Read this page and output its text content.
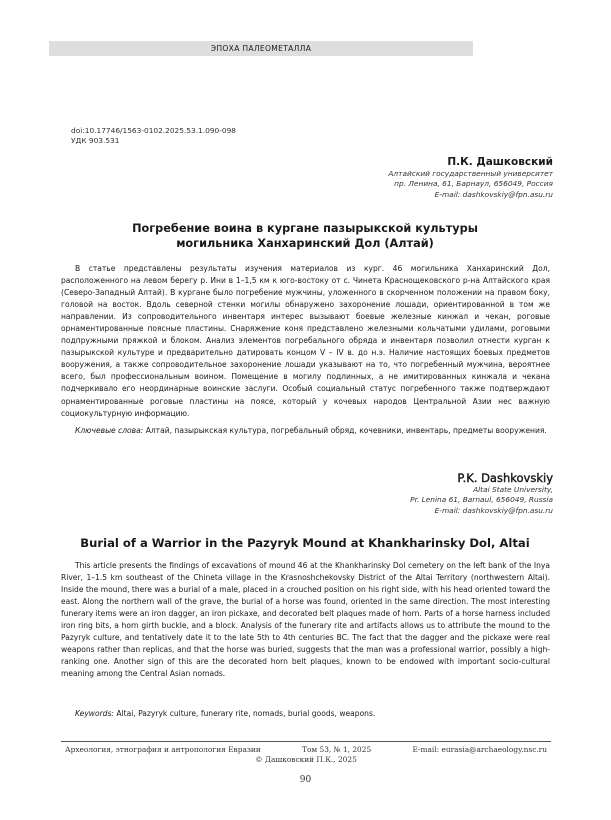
ЭПОХА ПАЛЕОМЕТАЛЛА
doi:10.17746/1563-0102.2025.53.1.090-098
УДК 903.531
П.К. Дашковский
Алтайский государственный университет
пр. Ленина, 61, Барнаул, 656049, Россия
E-mail: dashkovskiy@fpn.asu.ru
Погребение воина в кургане пазырыкской культуры
могильника Ханхаринский Дол (Алтай)

В статье представлены результаты изучения материалов из кург. 46 могильника Ханхаринский Дол, расположенного на левом берегу р. Ини в 1–1,5 км к юго-востоку от с. Чинета Краснощековского р-на Алтайского края (Северо-Западный Алтай). В кургане было погребение мужчины, уложенного в скорченном положении на правом боку, головой на восток. Вдоль северной стенки могилы обнаружено захоронение лошади, ориентированной в том же направлении. Из сопроводительного инвентаря интерес вызывают боевые железные кинжал и чекан, роговые орнаментированные поясные пластины. Снаряжение коня представлено железными кольчатыми удилами, роговыми подпружными пряжкой и блоком. Анализ элементов погребального обряда и инвентаря позволил отнести курган к пазырыкской культуре и предварительно датировать концом V – IV в. до н.э. Наличие настоящих боевых предметов вооружения, а также сопроводительное захоронение лошади указывают на то, что погребенный мужчина, вероятнее всего, был профессиональным воином. Помещение в могилу подлинных, а не имитированных кинжала и чекана подчеркивало его неординарные воинские заслуги. Особый социальный статус погребенного также подтверждают орнаментированные роговые пластины на поясе, который у кочевых народов Центральной Азии нес важную социокультурную информацию.

Ключевые слова: Алтай, пазырыкская культура, погребальный обряд, кочевники, инвентарь, предметы вооружения.

P.K. Dashkovskiy
Altai State University,
Pr. Lenina 61, Barnaul, 656049, Russia
E-mail: dashkovskiy@fpn.asu.ru
Burial of a Warrior in the Pazyryk Mound at Khankharinsky Dol, Altai

This article presents the findings of excavations of mound 46 at the Khankharinsky Dol cemetery on the left bank of the Inya River, 1–1.5 km southeast of the Chineta village in the Krasnoshchekovsky District of the Altai Territory (northwestern Altai). Inside the mound, there was a burial of a male, placed in a crouched position on his right side, with his head oriented toward the east. Along the northern wall of the grave, the burial of a horse was found, oriented in the same direction. The most interesting funerary items were an iron dagger, an iron pickaxe, and decorated belt plaques made of horn. Parts of a horse harness included iron ring bits, a horn girth buckle, and a block. Analysis of the funerary rite and artifacts allows us to attribute the mound to the Pazyryk culture, and tentatively date it to the late 5th to 4th centuries BC. The fact that the dagger and the pickaxe were real weapons rather than replicas, and that the horse was buried, suggests that the man was a professional warrior, possibly a high-ranking one. Another sign of this are the decorated horn belt plaques, known to be endowed with important socio-cultural meaning among the Central Asian nomads.

Keywords: Altai, Pazyryk culture, funerary rite, nomads, burial goods, weapons.

Археология, этнография и антропология Евразии	Том 53, № 1, 2025	E-mail: eurasia@archaeology.nsc.ru
© Дашковский П.К., 2025
90
